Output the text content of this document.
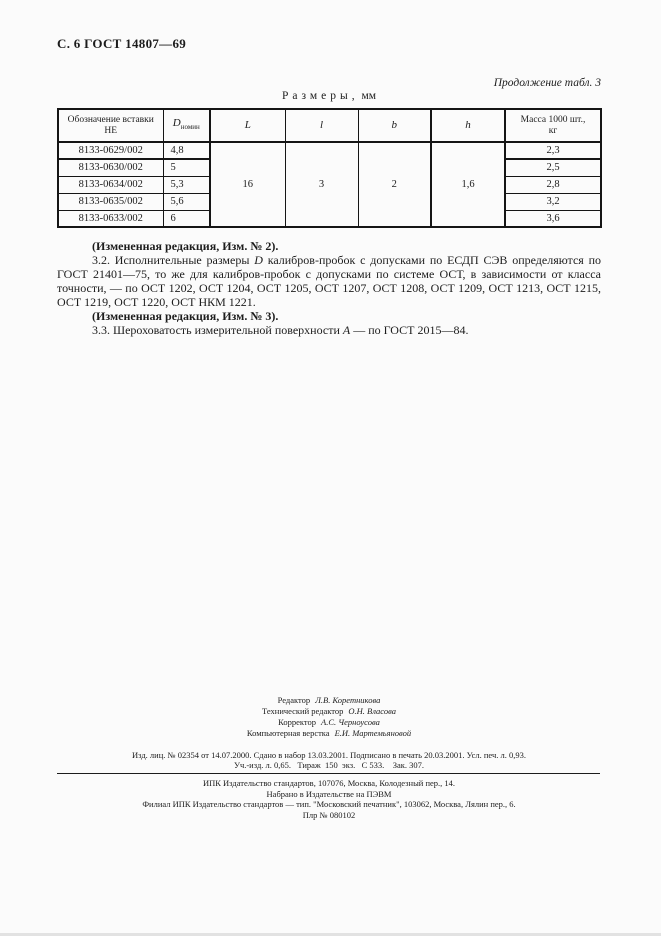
С. 6 ГОСТ 14807—69
Продолжение табл. 3
Размеры, мм
Обозначение вставки
НЕ	$D_{номин}$	L	l	b	h	Масса 1000 шт.,
кг
8133-0629/002	4,8	16	3	2	1,6	2,3
8133-0630/002	5					2,5
8133-0634/002	5,3					2,8
8133-0635/002	5,6					3,2
8133-0633/002	6					3,6

(Измененная редакция, Изм. № 2).

3.2. Исполнительные размеры D калибров-пробок с допусками по ЕСДП СЭВ определяются по ГОСТ 21401—75, то же для калибров-пробок с допусками по системе ОСТ, в зависимости от класса точности, — по ОСТ 1202, ОСТ 1204, ОСТ 1205, ОСТ 1207, ОСТ 1208, ОСТ 1209, ОСТ 1213, ОСТ 1215, ОСТ 1219, ОСТ 1220, ОСТ НКМ 1221.

(Измененная редакция, Изм. № 3).

3.3. Шероховатость измерительной поверхности А — по ГОСТ 2015—84.

Редактор Л.В. Коретникова
Технический редактор О.Н. Власова
Корректор А.С. Черноусова
Компьютерная верстка Е.И. Мартемьяновой
Изд. лиц. № 02354 от 14.07.2000. Сдано в набор 13.03.2001. Подписано в печать 20.03.2001. Усл. печ. л. 0,93.
Уч.-изд. л. 0,65.   Тираж  150  экз.   С 533.    Зак. 307.
ИПК Издательство стандартов, 107076, Москва, Колодезный пер., 14.
Набрано в Издательстве на ПЭВМ
Филиал ИПК Издательство стандартов — тип. "Московский печатник", 103062, Москва, Лялин пер., 6.
Плр № 080102
